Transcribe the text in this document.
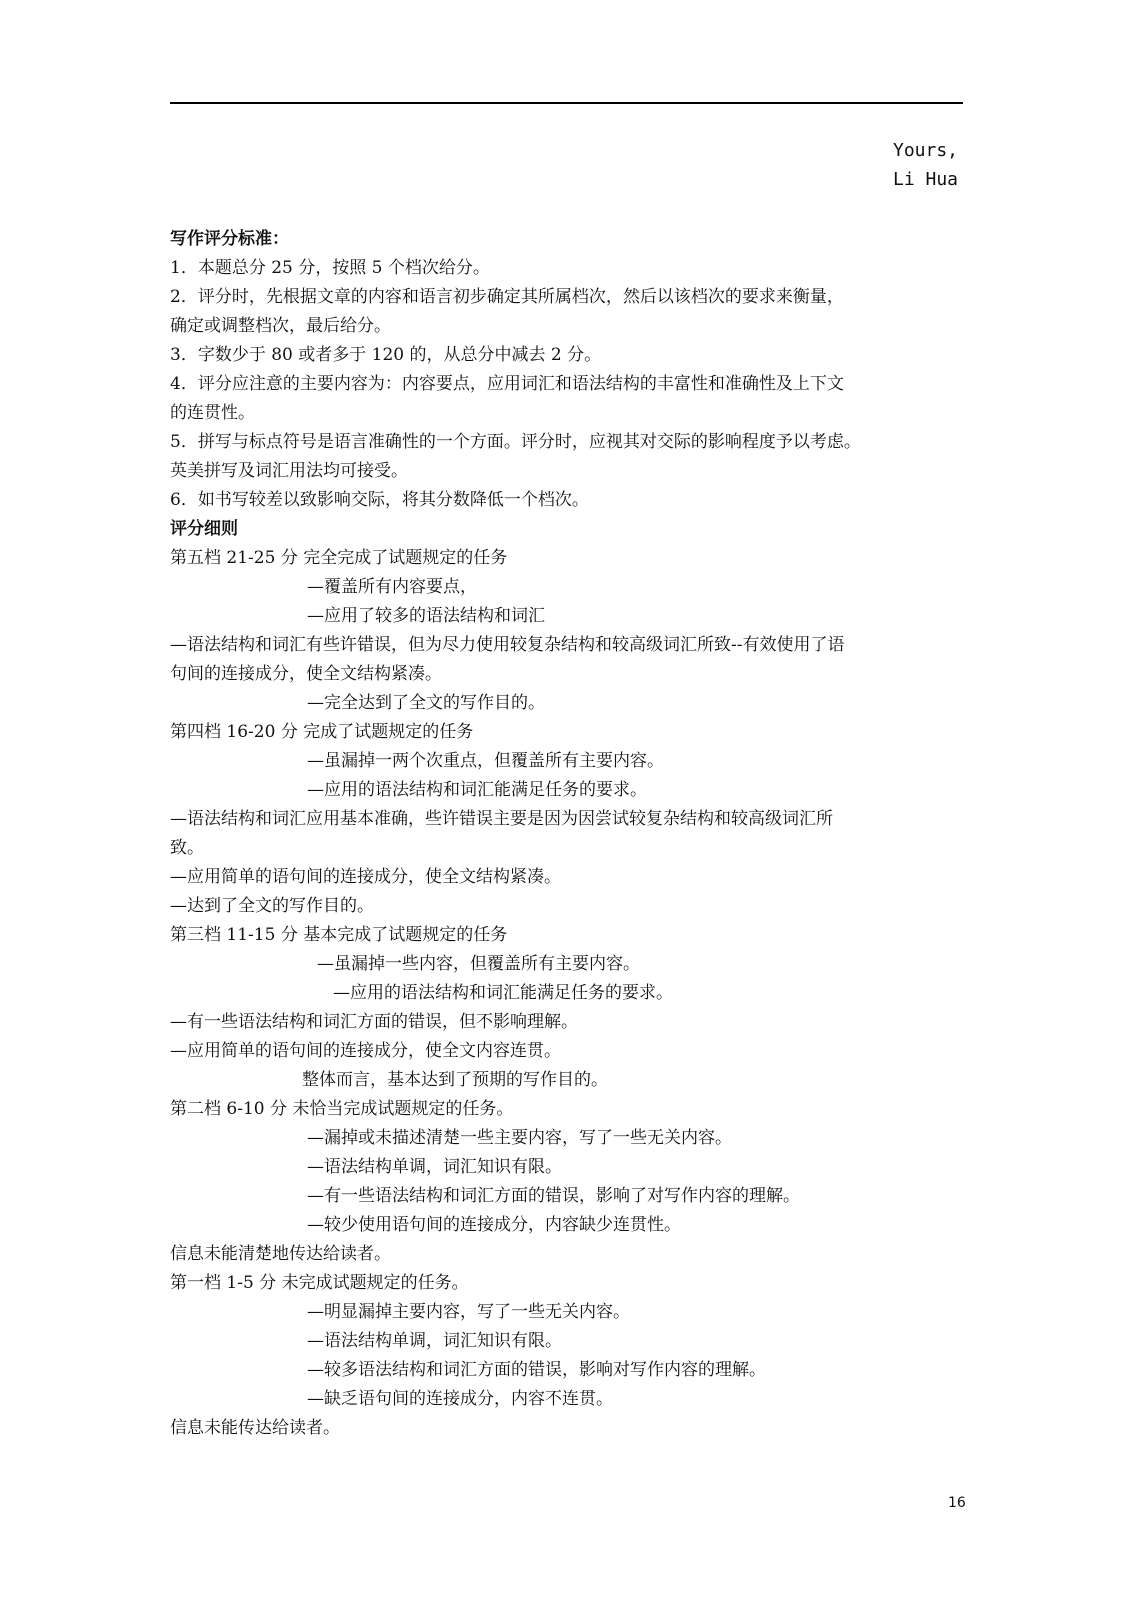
Yours,
Li Hua
写作评分标准：
1．本题总分 25 分，按照 5 个档次给分。
2．评分时，先根据文章的内容和语言初步确定其所属档次，然后以该档次的要求来衡量，
确定或调整档次，最后给分。
3．字数少于 80 或者多于 120 的，从总分中减去 2 分。
4．评分应注意的主要内容为：内容要点，应用词汇和语法结构的丰富性和准确性及上下文
的连贯性。
5．拼写与标点符号是语言准确性的一个方面。评分时，应视其对交际的影响程度予以考虑。
英美拼写及词汇用法均可接受。
6．如书写较差以致影响交际，将其分数降低一个档次。
评分细则
第五档 21-25 分 完全完成了试题规定的任务
—覆盖所有内容要点，
—应用了较多的语法结构和词汇
—语法结构和词汇有些许错误，但为尽力使用较复杂结构和较高级词汇所致--有效使用了语
句间的连接成分，使全文结构紧凑。
—完全达到了全文的写作目的。
第四档 16-20 分 完成了试题规定的任务
—虽漏掉一两个次重点，但覆盖所有主要内容。
—应用的语法结构和词汇能满足任务的要求。
—语法结构和词汇应用基本准确，些许错误主要是因为因尝试较复杂结构和较高级词汇所
致。
—应用简单的语句间的连接成分，使全文结构紧凑。
—达到了全文的写作目的。
第三档 11-15 分 基本完成了试题规定的任务
—虽漏掉一些内容，但覆盖所有主要内容。
—应用的语法结构和词汇能满足任务的要求。
—有一些语法结构和词汇方面的错误，但不影响理解。
—应用简单的语句间的连接成分，使全文内容连贯。
整体而言，基本达到了预期的写作目的。
第二档 6-10 分 未恰当完成试题规定的任务。
—漏掉或未描述清楚一些主要内容，写了一些无关内容。
—语法结构单调，词汇知识有限。
—有一些语法结构和词汇方面的错误，影响了对写作内容的理解。
—较少使用语句间的连接成分，内容缺少连贯性。
信息未能清楚地传达给读者。
第一档 1-5 分 未完成试题规定的任务。
—明显漏掉主要内容，写了一些无关内容。
—语法结构单调，词汇知识有限。
—较多语法结构和词汇方面的错误，影响对写作内容的理解。
—缺乏语句间的连接成分，内容不连贯。
信息未能传达给读者。
16
